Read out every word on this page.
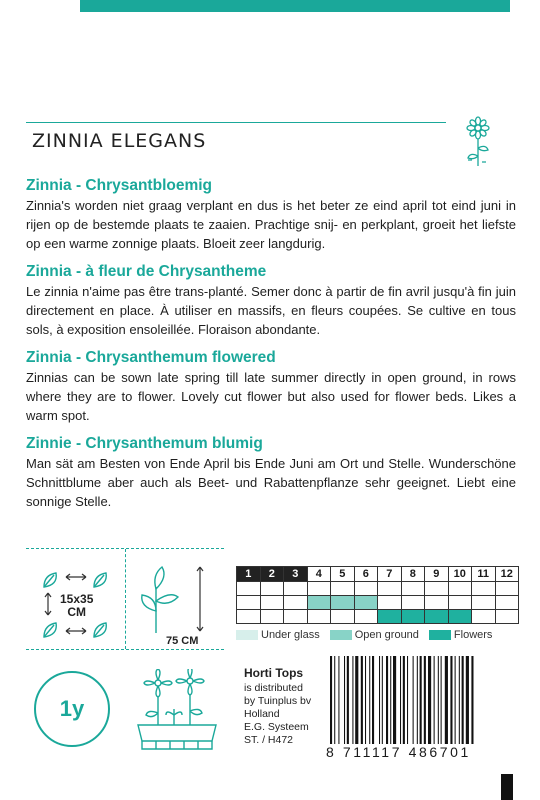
ZINNIA ELEGANS
Zinnia - Chrysantbloemig

Zinnia's worden niet graag verplant en dus is het beter ze eind april tot eind juni in rijen op de bestemde plaats te zaaien. Prachtige snij- en perkplant, groeit het liefste op een warme zonnige plaats. Bloeit zeer langdurig.

Zinnia - à fleur de Chrysantheme

Le zinnia n'aime pas être trans-planté. Semer donc à partir de fin avril jusqu'à fin juin directement en place. À utiliser en massifs, en fleurs coupées. Se cultive en tous sols, à exposition ensoleillée. Floraison abondante.

Zinnia - Chrysanthemum flowered

Zinnias can be sown late spring till late summer directly in open ground, in rows where they are to flower. Lovely cut flower but also used for flower beds. Likes a warm spot.

Zinnie - Chrysanthemum blumig

Man sät am Besten von Ende April bis Ende Juni am Ort und Stelle. Wunderschöne Schnittblume aber auch als Beet- und Rabattenpflanze sehr geeignet. Liebt eine sonnige Stelle.

15x35
CM
75 CM
1y
1	2	3	4	5	6	7	8	9	10	11	12

Under glass	Open ground	Flowers
Horti Tops
is distributed
by Tuinplus bv
Holland
E.G. Systeem
ST. / H472
8 711117 486701
